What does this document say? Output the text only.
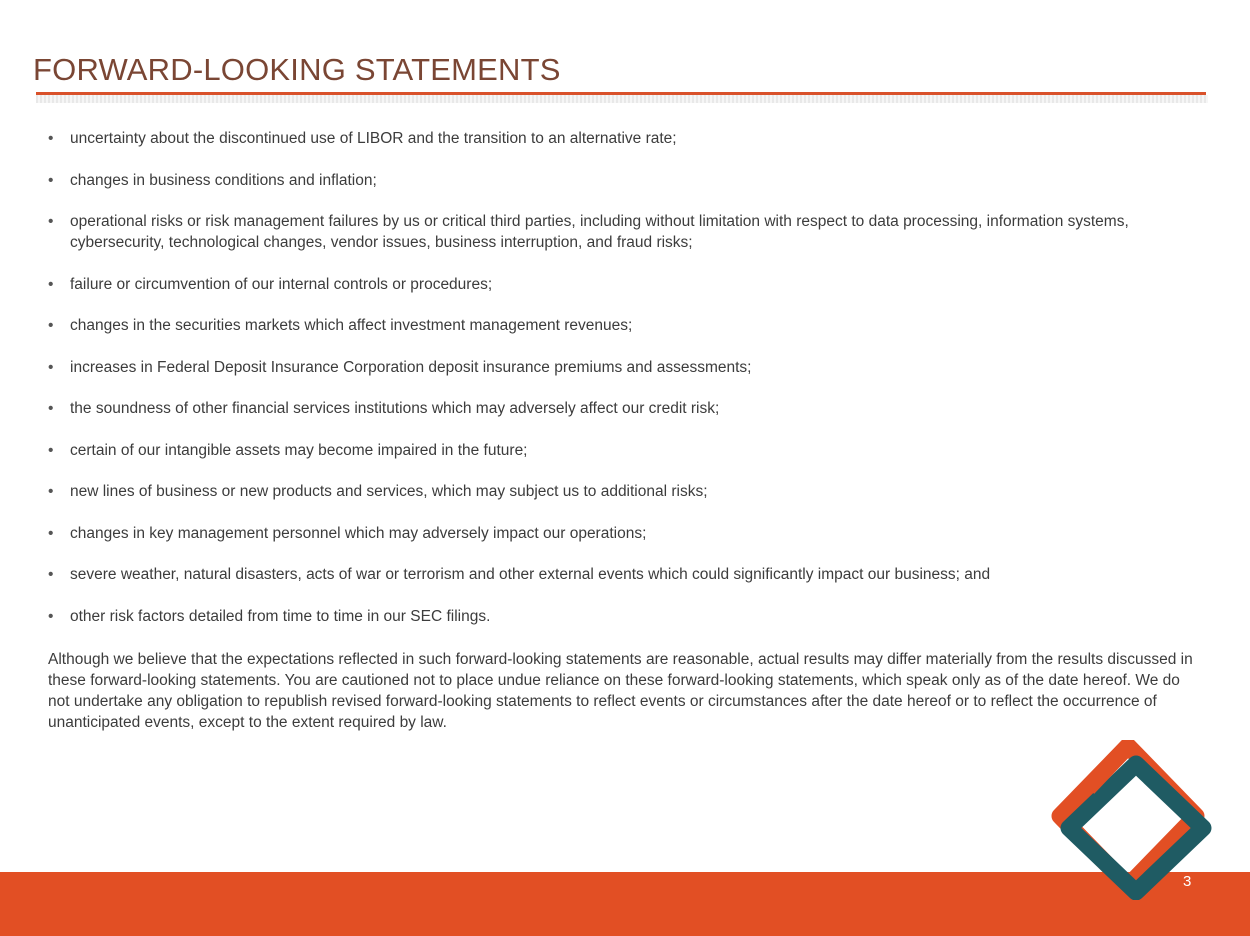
FORWARD-LOOKING STATEMENTS
• uncertainty about the discontinued use of LIBOR and the transition to an alternative rate;
• changes in business conditions and inflation;
• operational risks or risk management failures by us or critical third parties, including without limitation with respect to data processing, information systems, cybersecurity, technological changes, vendor issues, business interruption, and fraud risks;
• failure or circumvention of our internal controls or procedures;
• changes in the securities markets which affect investment management revenues;
• increases in Federal Deposit Insurance Corporation deposit insurance premiums and assessments;
• the soundness of other financial services institutions which may adversely affect our credit risk;
• certain of our intangible assets may become impaired in the future;
• new lines of business or new products and services, which may subject us to additional risks;
• changes in key management personnel which may adversely impact our operations;
• severe weather, natural disasters, acts of war or terrorism and other external events which could significantly impact our business; and
• other risk factors detailed from time to time in our SEC filings.

Although we believe that the expectations reflected in such forward-looking statements are reasonable, actual results may differ materially from the results discussed in these forward-looking statements. You are cautioned not to place undue reliance on these forward-looking statements, which speak only as of the date hereof. We do not undertake any obligation to republish revised forward-looking statements to reflect events or circumstances after the date hereof or to reflect the occurrence of unanticipated events, except to the extent required by law.

3
